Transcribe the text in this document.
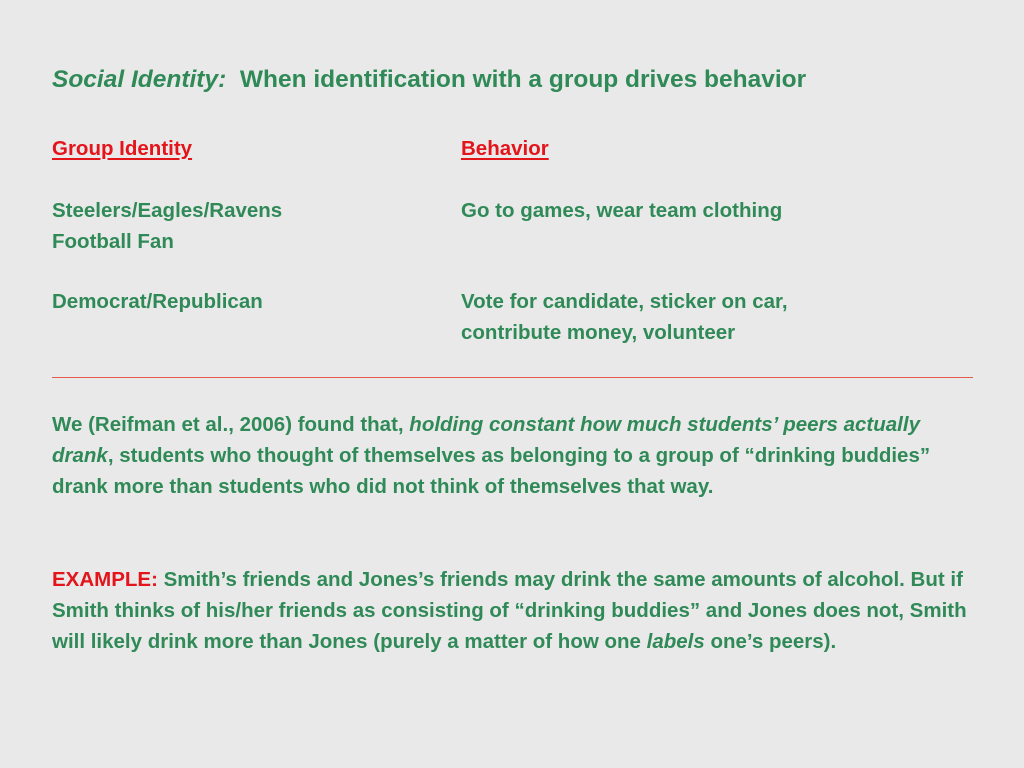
Social Identity: When identification with a group drives behavior
Group Identity	Behavior
Steelers/Eagles/Ravens
Football Fan
Go to games, wear team clothing
Democrat/Republican	Vote for candidate, sticker on car,
contribute money, volunteer
We (Reifman et al., 2006) found that, holding constant how much students’ peers actually drank, students who thought of themselves as belonging to a group of “drinking buddies” drank more than students who did not think of themselves that way.
EXAMPLE: Smith’s friends and Jones’s friends may drink the same amounts of alcohol. But if Smith thinks of his/her friends as consisting of “drinking buddies” and Jones does not, Smith will likely drink more than Jones (purely a matter of how one labels one’s peers).
